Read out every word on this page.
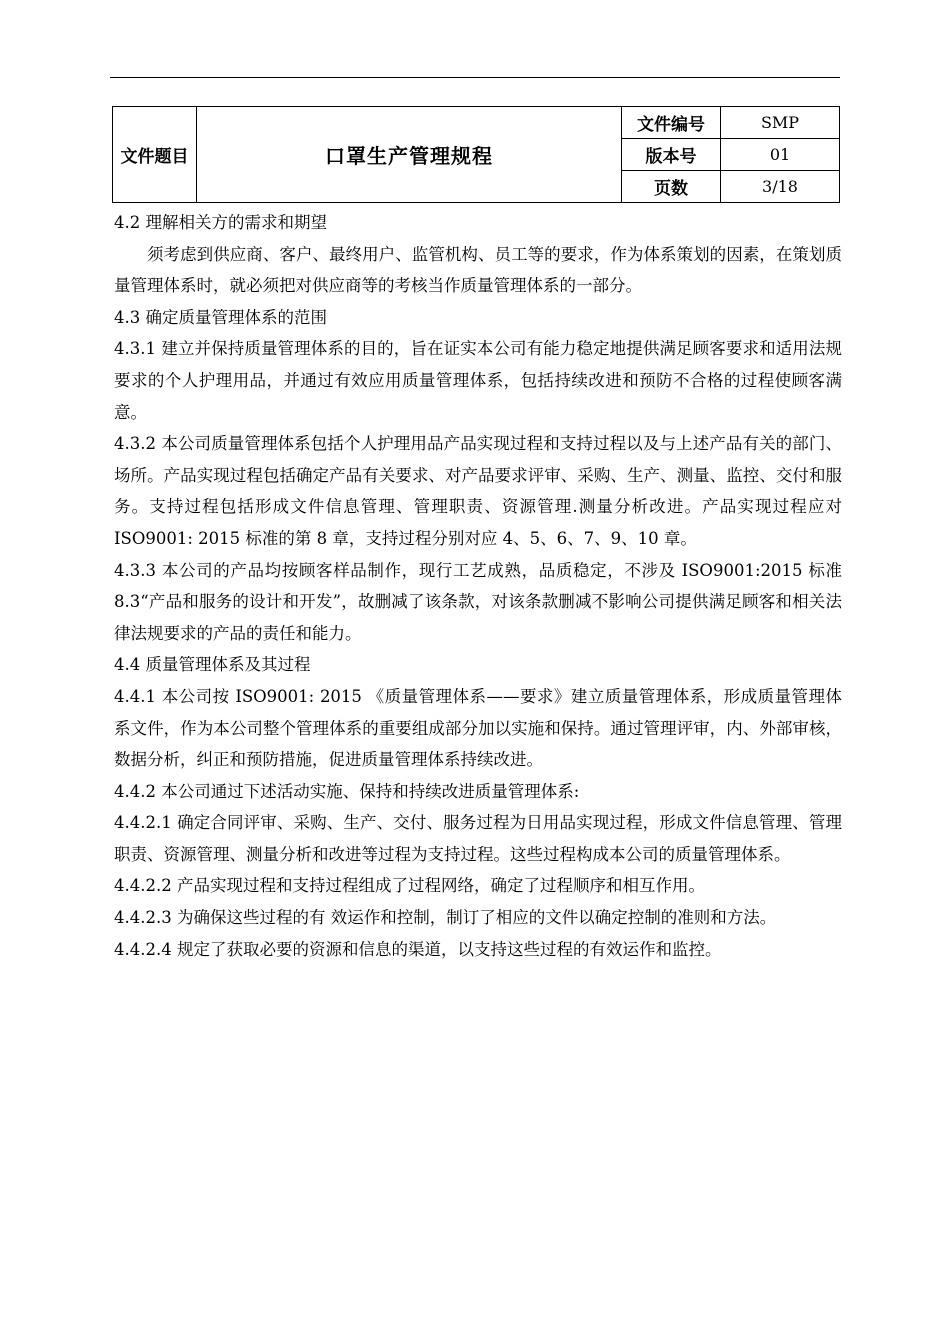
文件题目	口罩生产管理规程	文件编号	SMP
		版本号	01
		页数	3/18

4.2 理解相关方的需求和期望

须考虑到供应商、客户、最终用户、监管机构、员工等的要求，作为体系策划的因素，在策划质量管理体系时，就必须把对供应商等的考核当作质量管理体系的一部分。

4.3 确定质量管理体系的范围

4.3.1 建立并保持质量管理体系的目的，旨在证实本公司有能力稳定地提供满足顾客要求和适用法规要求的个人护理用品，并通过有效应用质量管理体系，包括持续改进和预防不合格的过程使顾客满意。

4.3.2 本公司质量管理体系包括个人护理用品产品实现过程和支持过程以及与上述产品有关的部门、场所。产品实现过程包括确定产品有关要求、对产品要求评审、采购、生产、测量、监控、交付和服务。支持过程包括形成文件信息管理、管理职责、资源管理.测量分析改进。产品实现过程应对 ISO9001: 2015 标准的第 8 章，支持过程分别对应 4、5、6、7、9、10 章。

4.3.3 本公司的产品均按顾客样品制作，现行工艺成熟，品质稳定，不涉及 ISO9001:2015 标准 8.3“产品和服务的设计和开发”，故删减了该条款，对该条款删减不影响公司提供满足顾客和相关法律法规要求的产品的责任和能力。

4.4 质量管理体系及其过程

4.4.1 本公司按 ISO9001: 2015 《质量管理体系——要求》建立质量管理体系，形成质量管理体系文件，作为本公司整个管理体系的重要组成部分加以实施和保持。通过管理评审，内、外部审核，数据分析，纠正和预防措施，促进质量管理体系持续改进。

4.4.2 本公司通过下述活动实施、保持和持续改进质量管理体系:

4.4.2.1 确定合同评审、采购、生产、交付、服务过程为日用品实现过程，形成文件信息管理、管理职责、资源管理、测量分析和改进等过程为支持过程。这些过程构成本公司的质量管理体系。

4.4.2.2 产品实现过程和支持过程组成了过程网络，确定了过程顺序和相互作用。

4.4.2.3 为确保这些过程的有 效运作和控制，制订了相应的文件以确定控制的准则和方法。

4.4.2.4 规定了获取必要的资源和信息的渠道，以支持这些过程的有效运作和监控。
